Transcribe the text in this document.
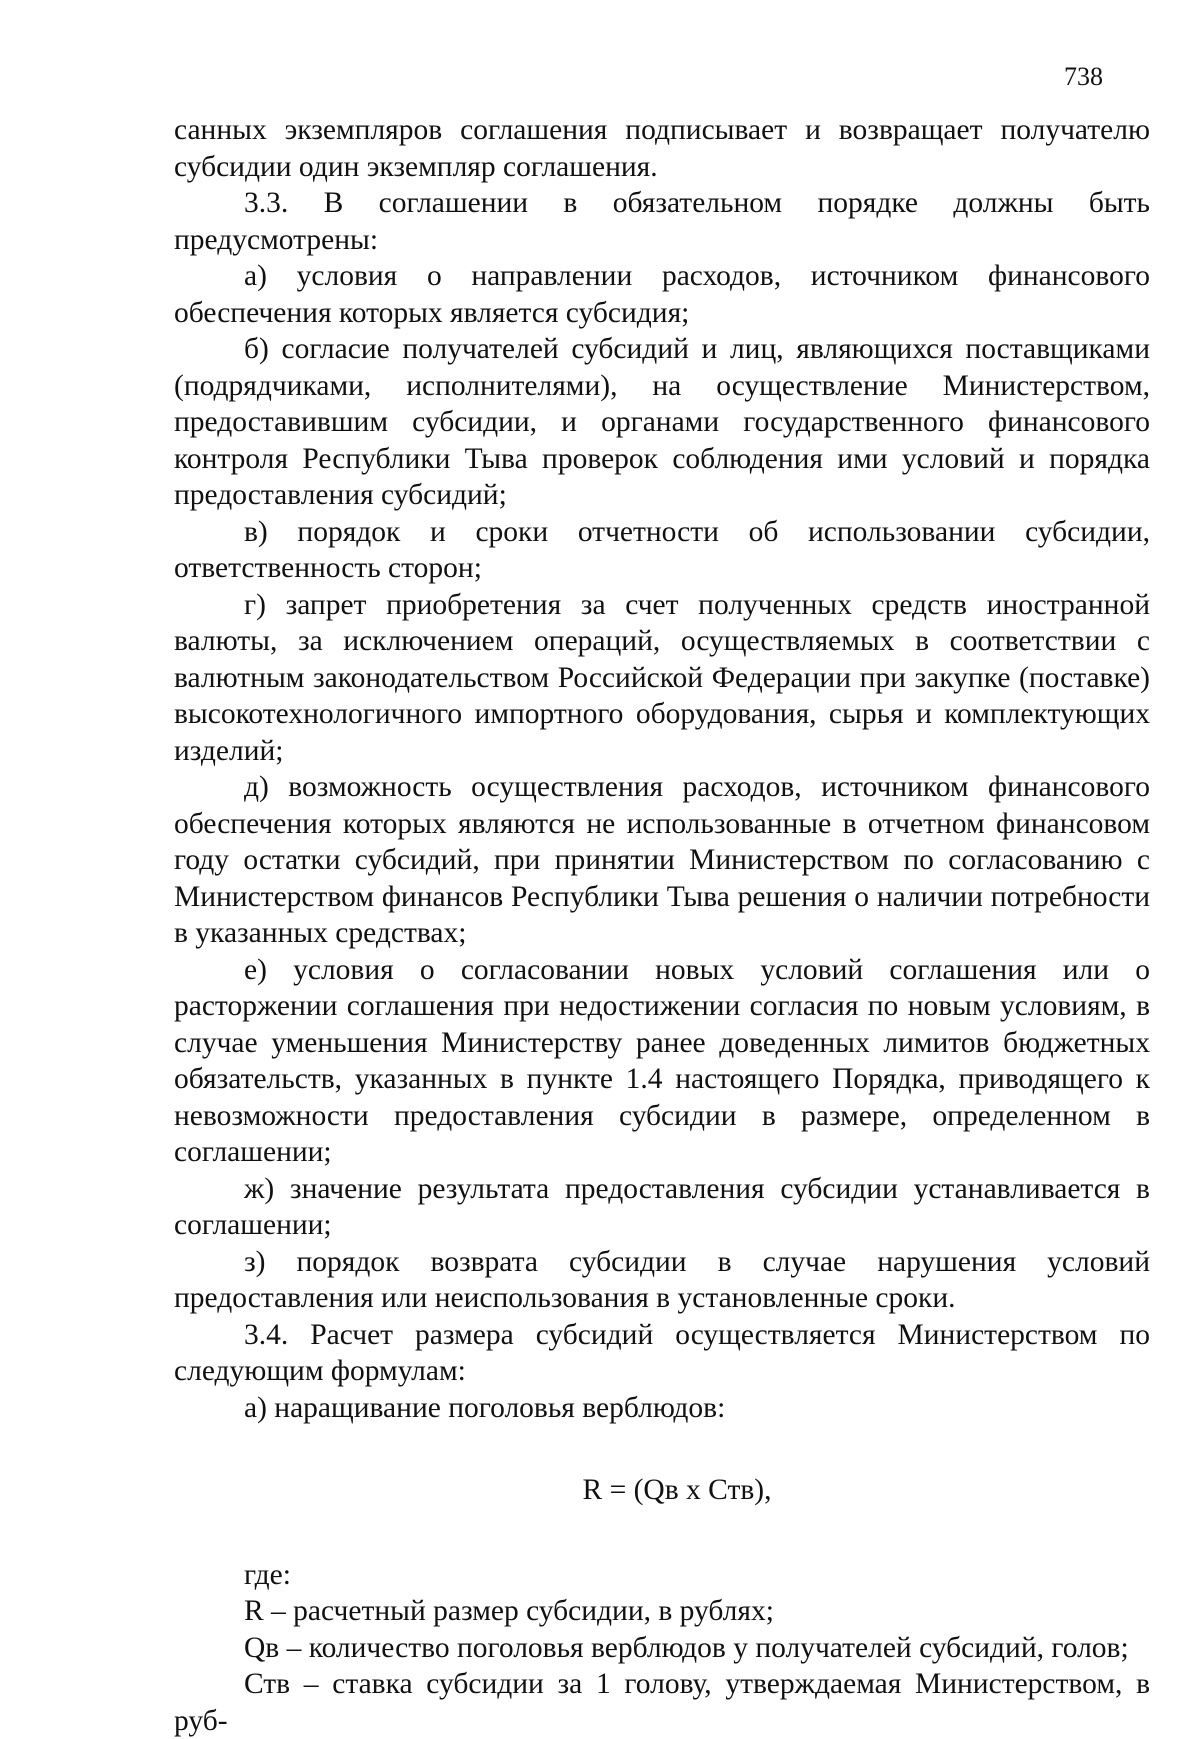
738

санных экземпляров соглашения подписывает и возвращает получателю субсидии один экземпляр соглашения.

3.3. В соглашении в обязательном порядке должны быть предусмотрены:

а) условия о направлении расходов, источником финансового обеспечения которых является субсидия;

б) согласие получателей субсидий и лиц, являющихся поставщиками (подрядчиками, исполнителями), на осуществление Министерством, предоставившим субсидии, и органами государственного финансового контроля Республики Тыва проверок соблюдения ими условий и порядка предоставления субсидий;

в) порядок и сроки отчетности об использовании субсидии, ответственность сторон;

г) запрет приобретения за счет полученных средств иностранной валюты, за исключением операций, осуществляемых в соответствии с валютным законодательством Российской Федерации при закупке (поставке) высокотехнологичного импортного оборудования, сырья и комплектующих изделий;

д) возможность осуществления расходов, источником финансового обеспечения которых являются не использованные в отчетном финансовом году остатки субсидий, при принятии Министерством по согласованию с Министерством финансов Республики Тыва решения о наличии потребности в указанных средствах;

е) условия о согласовании новых условий соглашения или о расторжении соглашения при недостижении согласия по новым условиям, в случае уменьшения Министерству ранее доведенных лимитов бюджетных обязательств, указанных в пункте 1.4 настоящего Порядка, приводящего к невозможности предоставления субсидии в размере, определенном в соглашении;

ж) значение результата предоставления субсидии устанавливается в соглашении;

з) порядок возврата субсидии в случае нарушения условий предоставления или неиспользования в установленные сроки.

3.4. Расчет размера субсидий осуществляется Министерством по следующим формулам:

а) наращивание поголовья верблюдов:

R = (Qв х Ств),

где:

R – расчетный размер субсидии, в рублях;

Qв – количество поголовья верблюдов у получателей субсидий, голов;

Ств – ставка субсидии за 1 голову, утверждаемая Министерством, в руб-
